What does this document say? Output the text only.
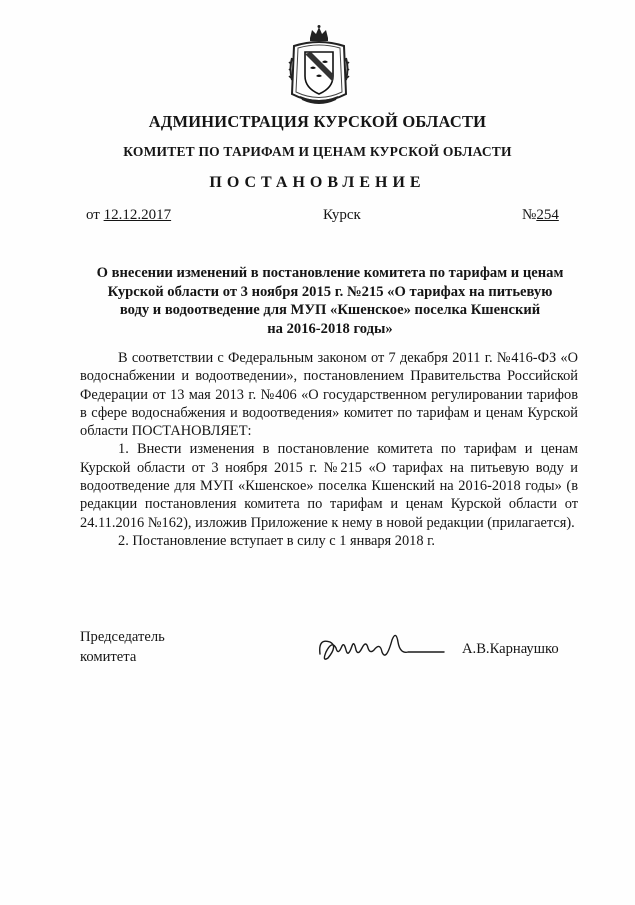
АДМИНИСТРАЦИЯ КУРСКОЙ ОБЛАСТИ
КОМИТЕТ ПО ТАРИФАМ И ЦЕНАМ КУРСКОЙ ОБЛАСТИ
ПОСТАНОВЛЕНИЕ
от 12.12.2017	Курск	№254
О внесении изменений в постановление комитета по тарифам и ценам
Курской области от 3 ноября 2015 г. №215 «О тарифах на питьевую
воду и водоотведение для МУП «Кшенское» поселка Кшенский
на 2016-2018 годы»

В соответствии с Федеральным законом от 7 декабря 2011 г. №416-ФЗ «О водоснабжении и водоотведении», постановлением Правительства Российской Федерации от 13 мая 2013 г. №406 «О государственном регулировании тарифов в сфере водоснабжения и водоотведения» комитет по тарифам и ценам Курской области ПОСТАНОВЛЯЕТ:

1. Внести изменения в постановление комитета по тарифам и ценам Курской области от 3 ноября 2015 г. №215 «О тарифах на питьевую воду и водоотведение для МУП «Кшенское» поселка Кшенский на 2016-2018 годы» (в редакции постановления комитета по тарифам и ценам Курской области от 24.11.2016 №162), изложив Приложение к нему в новой редакции (прилагается).

2. Постановление вступает в силу с 1 января 2018 г.

Председатель
комитета	А.В.Карнаушко
